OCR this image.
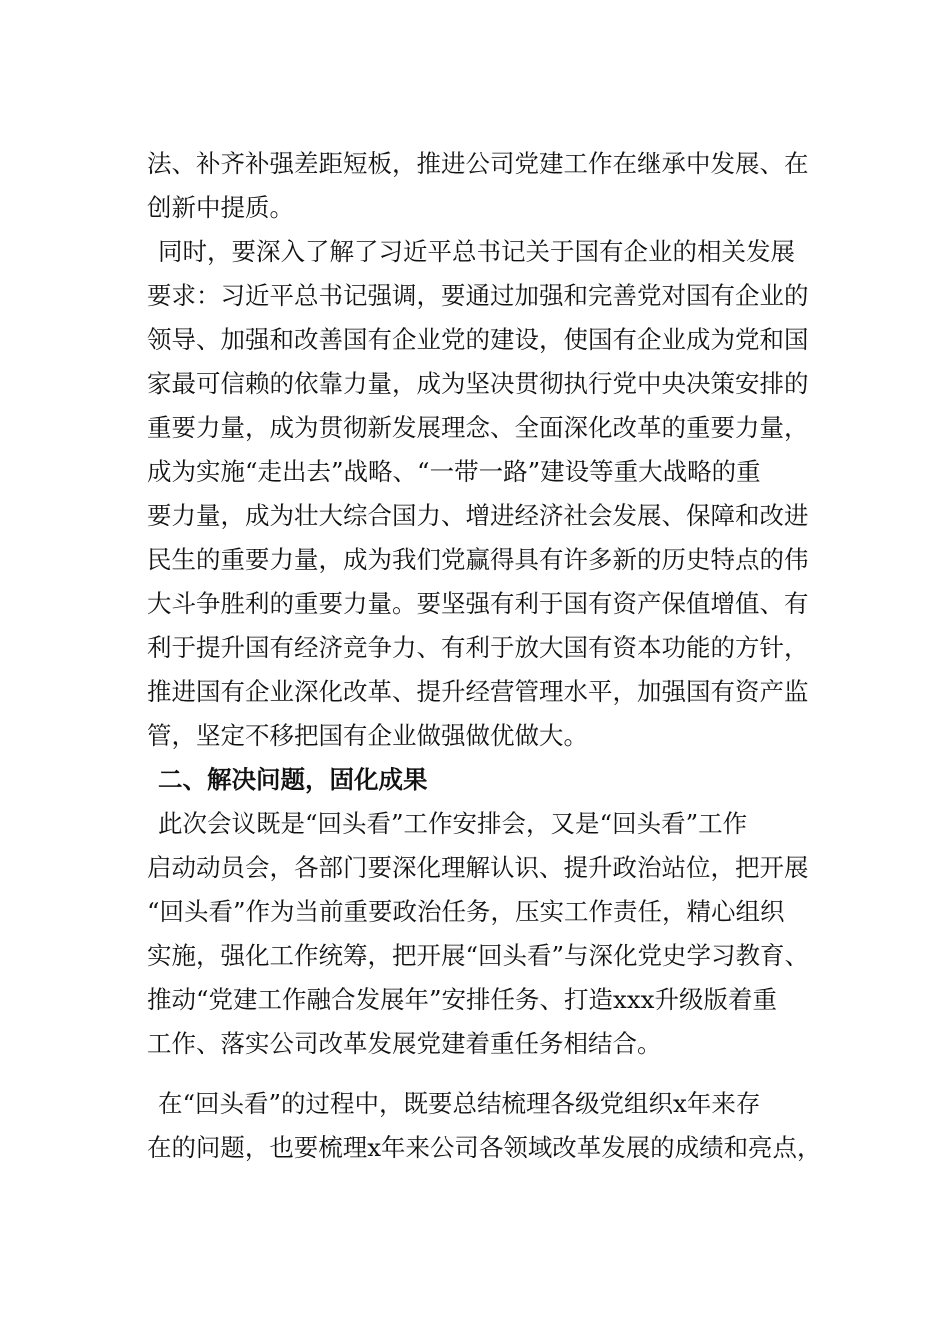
法、补齐补强差距短板，推进公司党建工作在继承中发展、在
创新中提质。
同时，要深入了解了习近平总书记关于国有企业的相关发展
要求：习近平总书记强调，要通过加强和完善党对国有企业的
领导、加强和改善国有企业党的建设，使国有企业成为党和国
家最可信赖的依靠力量，成为坚决贯彻执行党中央决策安排的
重要力量，成为贯彻新发展理念、全面深化改革的重要力量，
成为实施“走出去”战略、“一带一路”建设等重大战略的重
要力量，成为壮大综合国力、增进经济社会发展、保障和改进
民生的重要力量，成为我们党赢得具有许多新的历史特点的伟
大斗争胜利的重要力量。要坚强有利于国有资产保值增值、有
利于提升国有经济竞争力、有利于放大国有资本功能的方针，
推进国有企业深化改革、提升经营管理水平，加强国有资产监
管，坚定不移把国有企业做强做优做大。
二、解决问题，固化成果
此次会议既是“回头看”工作安排会，又是“回头看”工作
启动动员会，各部门要深化理解认识、提升政治站位，把开展
“回头看”作为当前重要政治任务，压实工作责任，精心组织
实施，强化工作统筹，把开展“回头看”与深化党史学习教育、
推动“党建工作融合发展年”安排任务、打造xxx升级版着重
工作、落实公司改革发展党建着重任务相结合。
在“回头看”的过程中，既要总结梳理各级党组织x年来存
在的问题，也要梳理x年来公司各领域改革发展的成绩和亮点，
